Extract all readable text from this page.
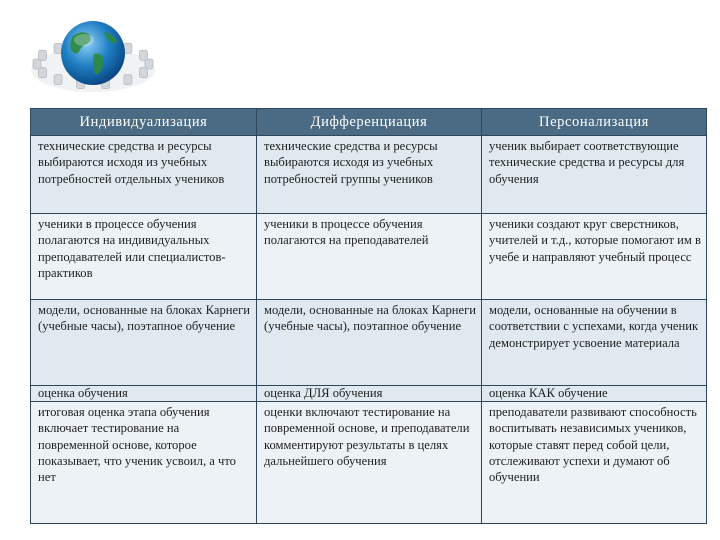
Индивидуализация	Дифференциация	Персонализация
технические средства и ресурсы выбираются исходя из учебных потребностей отдельных учеников	технические средства и ресурсы выбираются исходя из учебных потребностей группы учеников	ученик выбирает соответствующие технические средства и ресурсы для обучения
ученики в процессе обучения полагаются на индивидуальных преподавателей или специалистов-практиков	ученики в процессе обучения полагаются на преподавателей	ученики создают круг сверстников, учителей и т.д., которые помогают им в учебе и направляют учебный процесс
модели, основанные на блоках Карнеги (учебные часы), поэтапное обучение	модели, основанные на блоках Карнеги (учебные часы), поэтапное обучение	модели, основанные на обучении в соответствии с успехами, когда ученик демонстрирует усвоение материала
оценка обучения	оценка ДЛЯ обучения	оценка КАК обучение
итоговая оценка этапа обучения включает тестирование на повременной основе, которое показывает, что ученик усвоил, а что нет	оценки включают тестирование на повременной основе, и преподаватели комментируют результаты в целях дальнейшего обучения	преподаватели развивают способность воспитывать независимых учеников, которые ставят перед собой цели, отслеживают успехи и думают об обучении
